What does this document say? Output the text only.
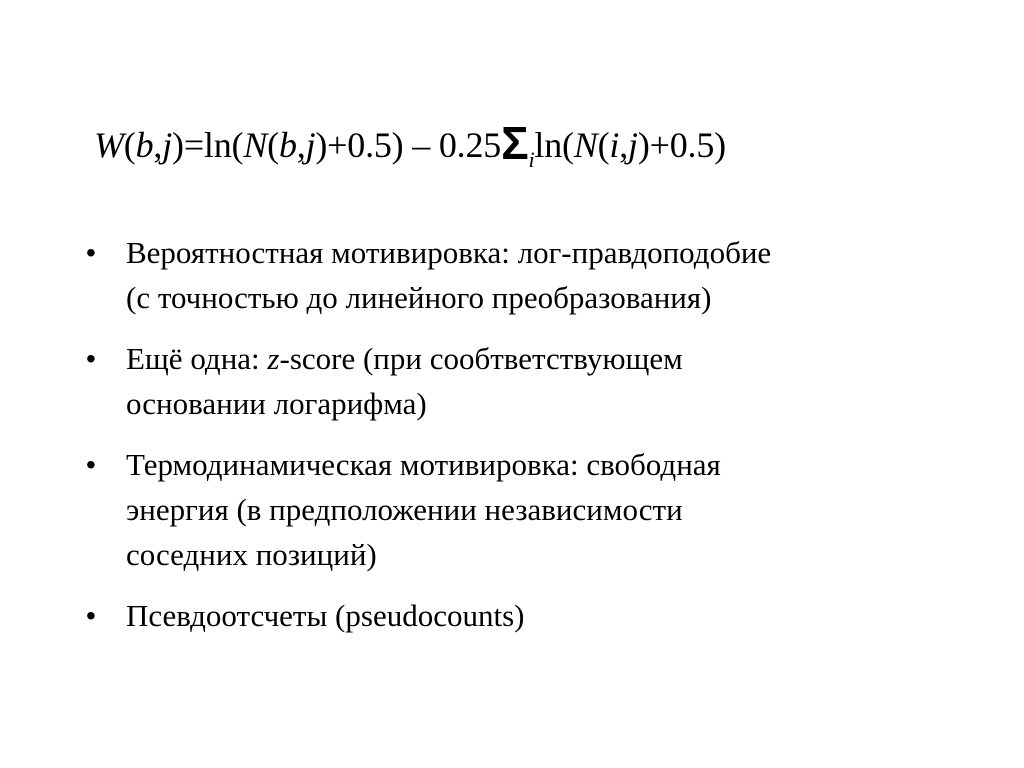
$W(b,j)=\ln(N(b,j)+0.5) - 0.25\Sigma_i\ln(N(i,j)+0.5)$
• Вероятностная мотивировка: лог-правдоподобие
(с точностью до линейного преобразования)
• Ещё одна: z-score (при сообтветствующем
основании логарифма)
• Термодинамическая мотивировка: свободная
энергия (в предположении независимости
соседних позиций)
• Псевдоотсчеты (pseudocounts)
